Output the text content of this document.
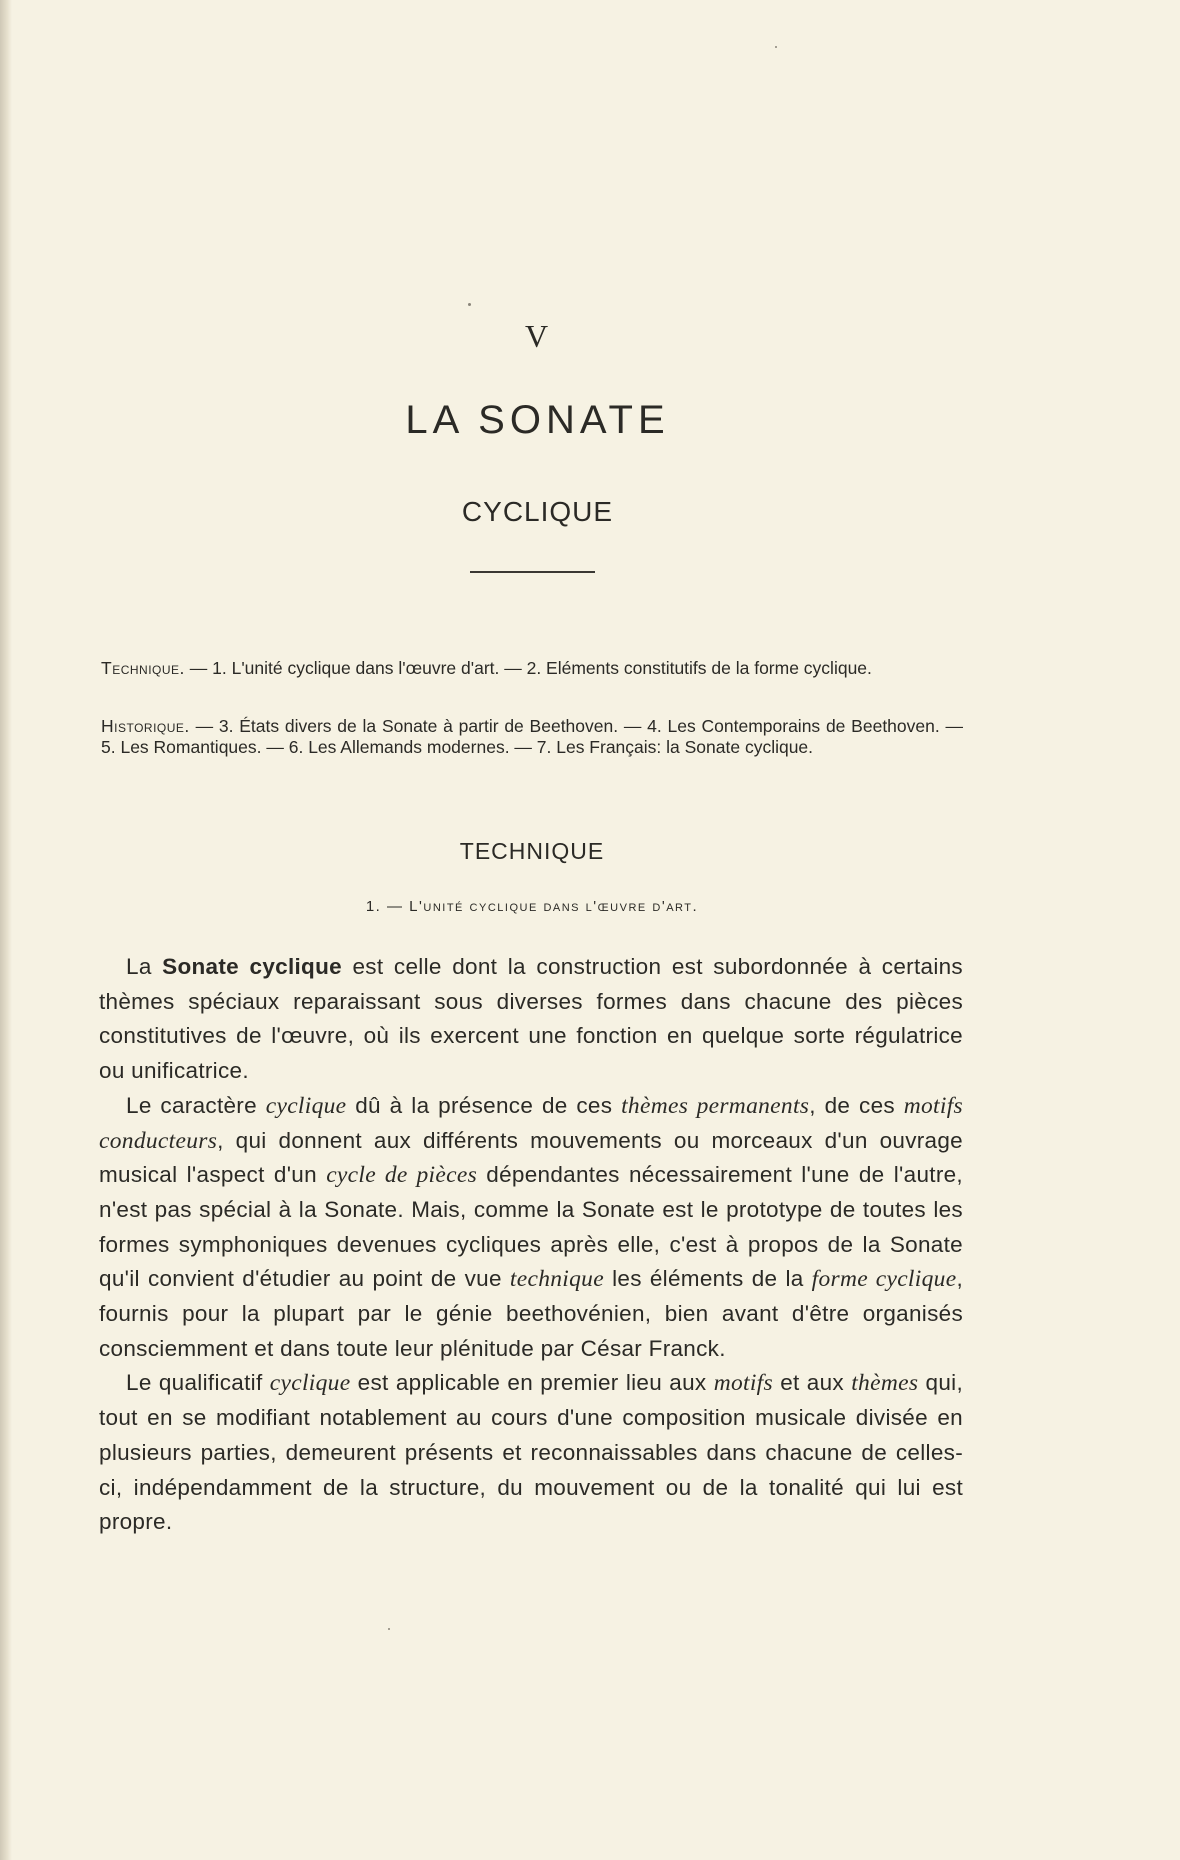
V
LA SONATE
CYCLIQUE
Technique. — 1. L'unité cyclique dans l'œuvre d'art. — 2. Eléments constitutifs de la forme cyclique.
Historique. — 3. États divers de la Sonate à partir de Beethoven. — 4. Les Contemporains de Beethoven. — 5. Les Romantiques. — 6. Les Allemands modernes. — 7. Les Français: la Sonate cyclique.
TECHNIQUE
1. — L'unité cyclique dans l'œuvre d'art.

La Sonate cyclique est celle dont la construction est subordonnée à certains thèmes spéciaux reparaissant sous diverses formes dans chacune des pièces constitutives de l'œuvre, où ils exercent une fonction en quelque sorte régulatrice ou unificatrice.

Le caractère cyclique dû à la présence de ces thèmes permanents, de ces motifs conducteurs, qui donnent aux différents mouvements ou morceaux d'un ouvrage musical l'aspect d'un cycle de pièces dépendantes nécessairement l'une de l'autre, n'est pas spécial à la Sonate. Mais, comme la Sonate est le prototype de toutes les formes symphoniques devenues cycliques après elle, c'est à propos de la Sonate qu'il convient d'étudier au point de vue technique les éléments de la forme cyclique, fournis pour la plupart par le génie beethovénien, bien avant d'être organisés consciemment et dans toute leur plénitude par César Franck.

Le qualificatif cyclique est applicable en premier lieu aux motifs et aux thèmes qui, tout en se modifiant notablement au cours d'une composition musicale divisée en plusieurs parties, demeurent présents et reconnaissables dans chacune de celles-ci, indépendamment de la structure, du mouvement ou de la tonalité qui lui est propre.
